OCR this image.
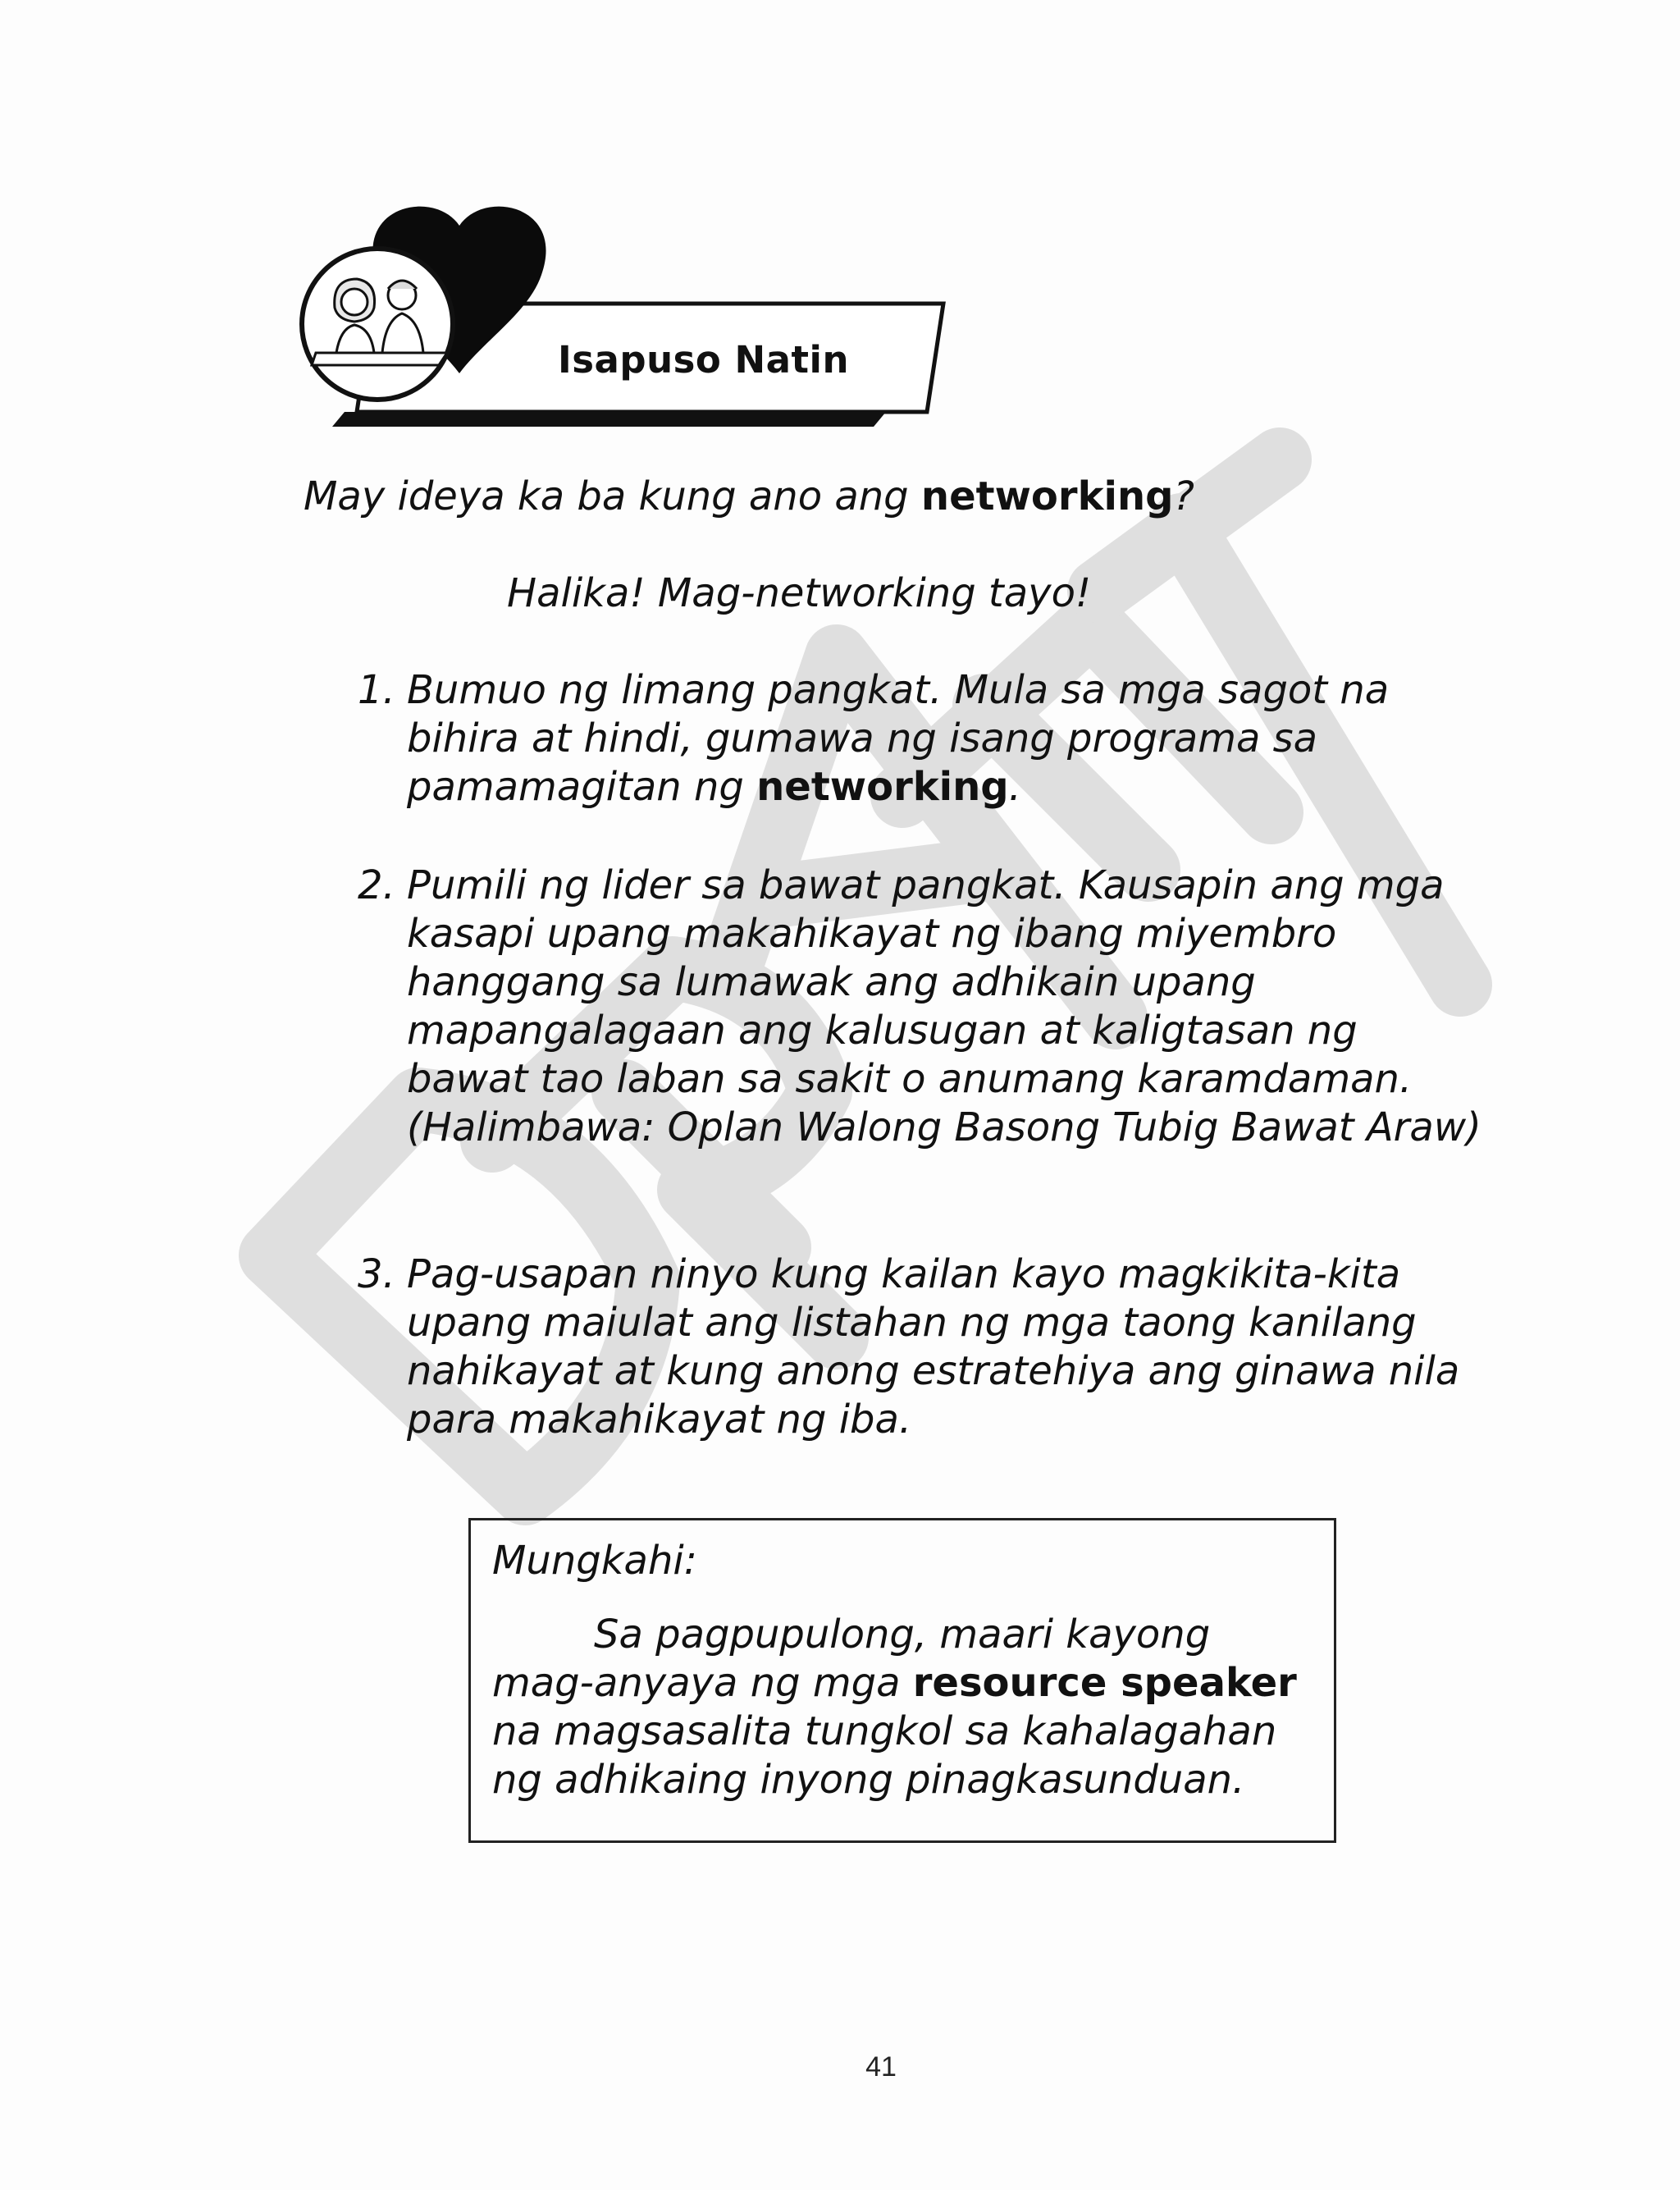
Isapuso Natin
May ideya ka ba kung ano ang networking?
Halika! Mag-networking tayo!
1. Bumuo ng limang pangkat. Mula sa mga sagot na bihira at hindi, gumawa ng isang programa sa pamamagitan ng networking.
2. Pumili ng lider sa bawat pangkat. Kausapin ang mga kasapi upang makahikayat ng ibang miyembro hanggang sa lumawak ang adhikain upang mapangalagaan ang kalusugan at kaligtasan ng bawat tao laban sa sakit o anumang karamdaman. (Halimbawa: Oplan Walong Basong Tubig Bawat Araw)
3. Pag-usapan ninyo kung kailan kayo magkikita-kita upang maiulat ang listahan ng mga taong kanilang nahikayat at kung anong estratehiya ang ginawa nila para makahikayat ng iba.
Mungkahi:
Sa pagpupulong, maari kayong mag-anyaya ng mga resource speaker na magsasalita tungkol sa kahalagahan ng adhikaing inyong pinagkasunduan.
41
